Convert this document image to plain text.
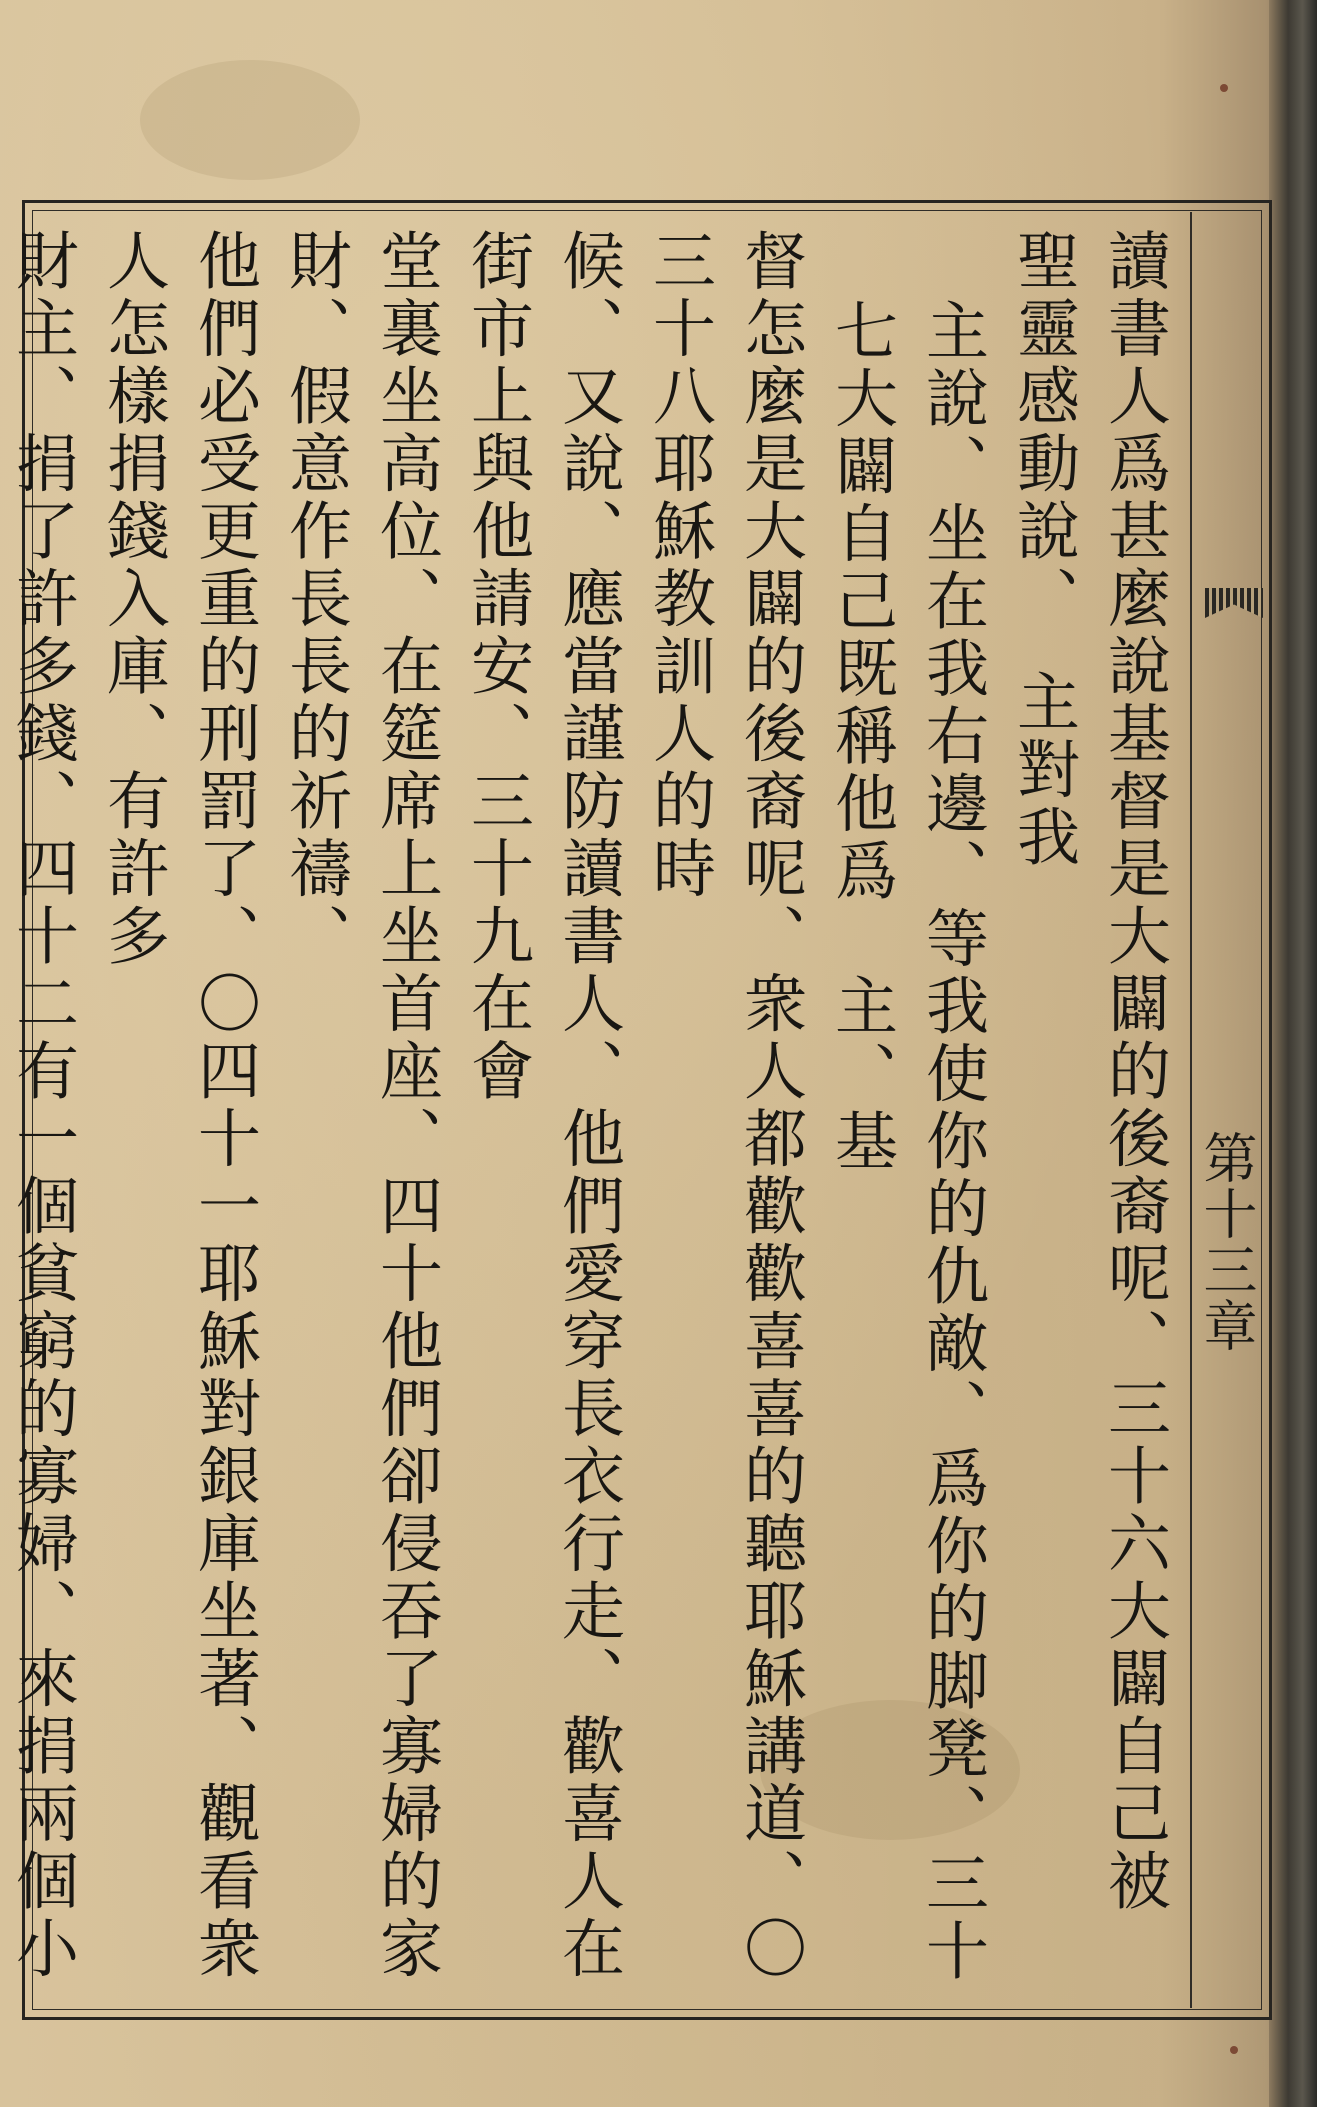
第十三章

讀書人爲甚麼說基督是大闢的後裔呢、三十六大闢自己被　聖靈感動說、　主對我

主說、坐在我右邊、等我使你的仇敵、爲你的脚凳、三十七大闢自己既稱他爲　主、基

督怎麼是大闢的後裔呢、衆人都歡歡喜喜的聽耶穌講道、〇三十八耶穌教訓人的時

候、又說、應當謹防讀書人、他們愛穿長衣行走、歡喜人在街市上與他請安、三十九在會

堂裏坐高位、在筵席上坐首座、四十他們卻侵吞了寡婦的家財、假意作長長的祈禱、

他們必受更重的刑罰了、〇四十一耶穌對銀庫坐著、觀看衆人怎樣捐錢入庫、有許多

財主、捐了許多錢、四十二有一個貧窮的寡婦、來捐兩個小
